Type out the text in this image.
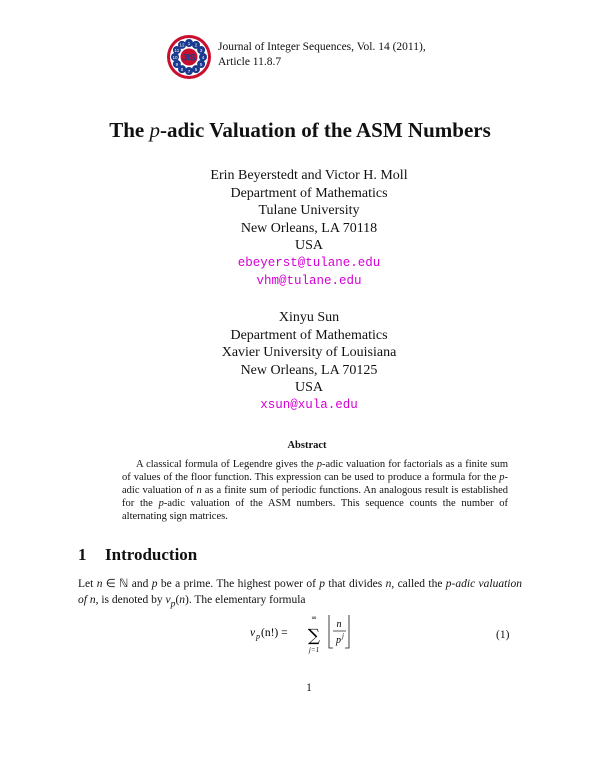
1 2
3
4
5
6
7
8
9
10
11
12
JIS
Journal of Integer Sequences, Vol. 14 (2011),
Article 11.8.7
The p-adic Valuation of the ASM Numbers
Erin Beyerstedt and Victor H. Moll
Department of Mathematics
Tulane University
New Orleans, LA 70118
USA
ebeyerst@tulane.edu
vhm@tulane.edu
Xinyu Sun
Department of Mathematics
Xavier University of Louisiana
New Orleans, LA 70125
USA
xsun@xula.edu
Abstract
A classical formula of Legendre gives the p-adic valuation for factorials as a finite sum of values of the floor function. This expression can be used to produce a formula for the p-adic valuation of n as a finite sum of periodic functions. An analogous result is established for the p-adic valuation of the ASM numbers. This sequence counts the number of alternating sign matrices.
1 Introduction
Let n ∈ ℕ and p be a prime. The highest power of p that divides n, called the p-adic valuation of n, is denoted by $\nu_p(n)$. The elementary formula
ν p (n!) =
∞
∑
j=1
n
p j	(1)
1
